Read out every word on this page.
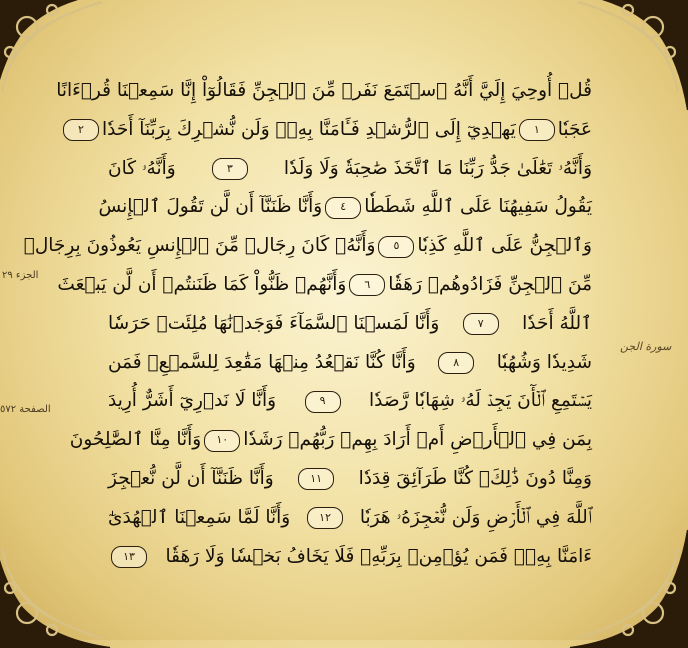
الجزء ٢٩
الصفحة ٥٧٢
سورة الجن
قُلۡ أُوحِيَ إِلَيَّ أَنَّهُ ٱسۡتَمَعَ نَفَرٞ مِّنَ ٱلۡجِنِّ فَقَالُوٓاْ إِنَّا سَمِعۡنَا قُرۡءَانًا
عَجَبٗا
١
يَهۡدِيٓ إِلَى ٱلرُّشۡدِ فَـَٔامَنَّا بِهِۦۖ وَلَن نُّشۡرِكَ بِرَبِّنَآ أَحَدٗا
٢
وَأَنَّهُۥ تَعَٰلَىٰ جَدُّ رَبِّنَا مَا ٱتَّخَذَ صَٰحِبَةٗ وَلَا وَلَدٗا
٣
وَأَنَّهُۥ كَانَ
يَقُولُ سَفِيهُنَا عَلَى ٱللَّهِ شَطَطٗا
٤
وَأَنَّا ظَنَنَّآ أَن لَّن تَقُولَ ٱلۡإِنسُ
وَٱلۡجِنُّ عَلَى ٱللَّهِ كَذِبٗا
٥
وَأَنَّهُۥ كَانَ رِجَالٞ مِّنَ ٱلۡإِنسِ يَعُوذُونَ بِرِجَالٖ
مِّنَ ٱلۡجِنِّ فَزَادُوهُمۡ رَهَقٗا
٦
وَأَنَّهُمۡ ظَنُّواْ كَمَا ظَنَنتُمۡ أَن لَّن يَبۡعَثَ
ٱللَّهُ أَحَدٗا
٧
وَأَنَّا لَمَسۡنَا ٱلسَّمَآءَ فَوَجَدۡنَٰهَا مُلِئَتۡ حَرَسٗا
شَدِيدٗا وَشُهُبٗا
٨
وَأَنَّا كُنَّا نَقۡعُدُ مِنۡهَا مَقَٰعِدَ لِلسَّمۡعِۖ فَمَن
يَسۡتَمِعِ ٱلۡأٓنَ يَجِدۡ لَهُۥ شِهَابٗا رَّصَدٗا
٩
وَأَنَّا لَا نَدۡرِيٓ أَشَرٌّ أُرِيدَ
بِمَن فِي ٱلۡأَرۡضِ أَمۡ أَرَادَ بِهِمۡ رَبُّهُمۡ رَشَدٗا
١٠
وَأَنَّا مِنَّا ٱلصَّٰلِحُونَ
وَمِنَّا دُونَ ذَٰلِكَۖ كُنَّا طَرَآئِقَ قِدَدٗا
١١
وَأَنَّا ظَنَنَّآ أَن لَّن نُّعۡجِزَ
ٱللَّهَ فِي ٱلۡأَرۡضِ وَلَن نُّعۡجِزَهُۥ هَرَبٗا
١٢
وَأَنَّا لَمَّا سَمِعۡنَا ٱلۡهُدَىٰٓ
ءَامَنَّا بِهِۦۖ فَمَن يُؤۡمِنۢ بِرَبِّهِۦ فَلَا يَخَافُ بَخۡسٗا وَلَا رَهَقٗا
١٣
